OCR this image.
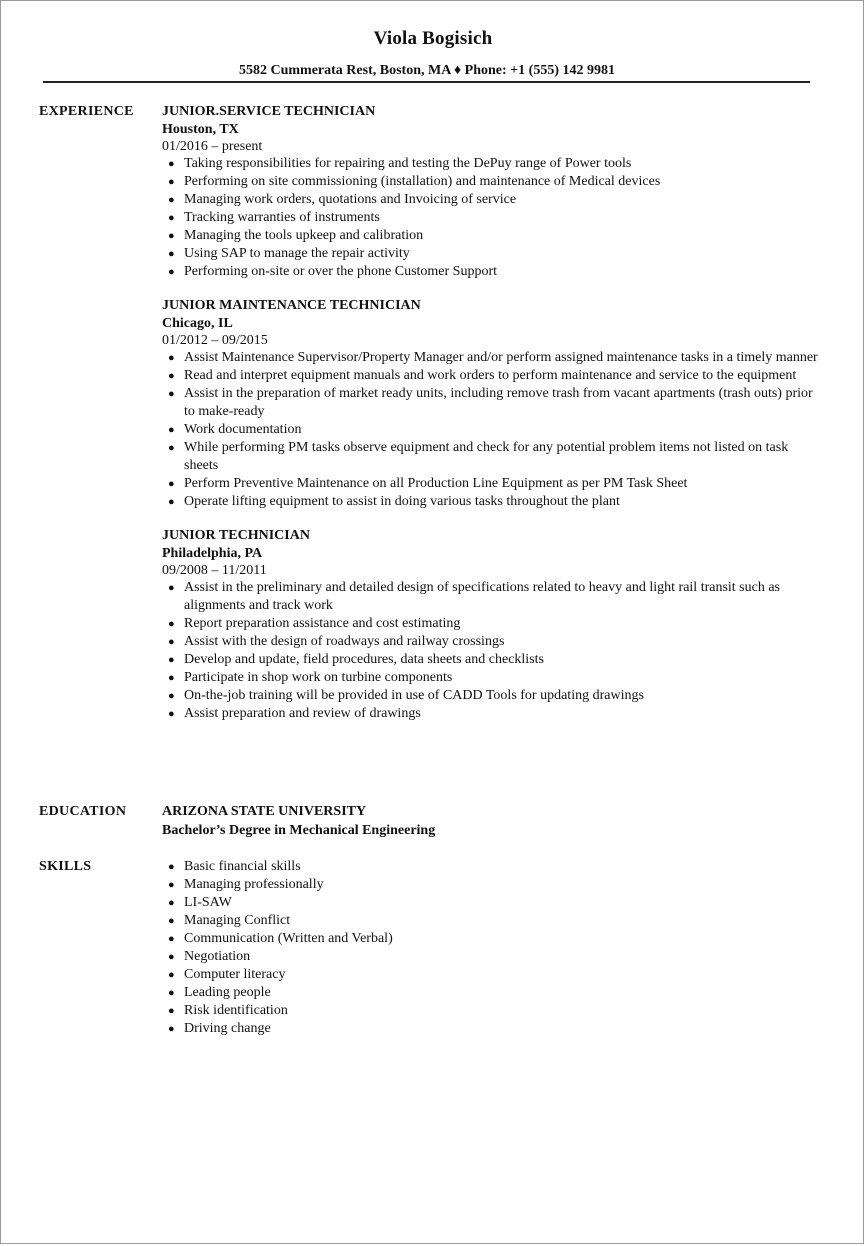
Viola Bogisich
5582 Cummerata Rest, Boston, MA ♦ Phone: +1 (555) 142 9981
EXPERIENCE JUNIOR.SERVICE TECHNICIAN
Houston, TX
01/2016 – present
● Taking responsibilities for repairing and testing the DePuy range of Power tools
● Performing on site commissioning (installation) and maintenance of Medical devices
● Managing work orders, quotations and Invoicing of service
● Tracking warranties of instruments
● Managing the tools upkeep and calibration
● Using SAP to manage the repair activity
● Performing on-site or over the phone Customer Support
JUNIOR MAINTENANCE TECHNICIAN
Chicago, IL
01/2012 – 09/2015
● Assist Maintenance Supervisor/Property Manager and/or perform assigned maintenance tasks in a timely manner
● Read and interpret equipment manuals and work orders to perform maintenance and service to the equipment
● Assist in the preparation of market ready units, including remove trash from vacant apartments (trash outs) prior to make-ready
● Work documentation
● While performing PM tasks observe equipment and check for any potential problem items not listed on task sheets
● Perform Preventive Maintenance on all Production Line Equipment as per PM Task Sheet
● Operate lifting equipment to assist in doing various tasks throughout the plant
JUNIOR TECHNICIAN
Philadelphia, PA
09/2008 – 11/2011
● Assist in the preliminary and detailed design of specifications related to heavy and light rail transit such as alignments and track work
● Report preparation assistance and cost estimating
● Assist with the design of roadways and railway crossings
● Develop and update, field procedures, data sheets and checklists
● Participate in shop work on turbine components
● On-the-job training will be provided in use of CADD Tools for updating drawings
● Assist preparation and review of drawings
EDUCATION	ARIZONA STATE UNIVERSITY
Bachelor’s Degree in Mechanical Engineering
SKILLS	● Basic financial skills
● Managing professionally
● LI-SAW
● Managing Conflict
● Communication (Written and Verbal)
● Negotiation
● Computer literacy
● Leading people
● Risk identification
● Driving change
